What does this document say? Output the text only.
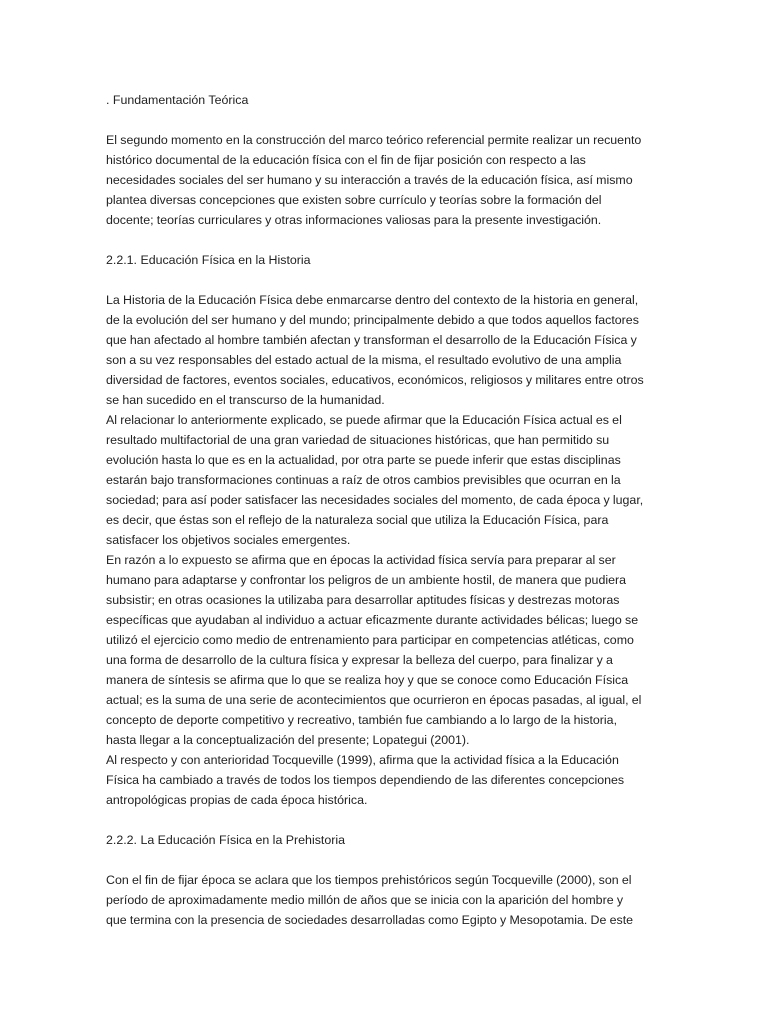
. Fundamentación Teórica

El segundo momento en la construcción del marco teórico referencial permite realizar un recuento
histórico documental de la educación física con el fin de fijar posición con respecto a las
necesidades sociales del ser humano y su interacción a través de la educación física, así mismo
plantea diversas concepciones que existen sobre currículo y teorías sobre la formación del
docente; teorías curriculares y otras informaciones valiosas para la presente investigación.

2.2.1. Educación Física en la Historia

La Historia de la Educación Física debe enmarcarse dentro del contexto de la historia en general,
de la evolución del ser humano y del mundo; principalmente debido a que todos aquellos factores
que han afectado al hombre también afectan y transforman el desarrollo de la Educación Física y
son a su vez responsables del estado actual de la misma, el resultado evolutivo de una amplia
diversidad de factores, eventos sociales, educativos, económicos, religiosos y militares entre otros
se han sucedido en el transcurso de la humanidad.
Al relacionar lo anteriormente explicado, se puede afirmar que la Educación Física actual es el
resultado multifactorial de una gran variedad de situaciones históricas, que han permitido su
evolución hasta lo que es en la actualidad, por otra parte se puede inferir que estas disciplinas
estarán bajo transformaciones continuas a raíz de otros cambios previsibles que ocurran en la
sociedad; para así poder satisfacer las necesidades sociales del momento, de cada época y lugar,
es decir, que éstas son el reflejo de la naturaleza social que utiliza la Educación Física, para
satisfacer los objetivos sociales emergentes.
En razón a lo expuesto se afirma que en épocas la actividad física servía para preparar al ser
humano para adaptarse y confrontar los peligros de un ambiente hostil, de manera que pudiera
subsistir; en otras ocasiones la utilizaba para desarrollar aptitudes físicas y destrezas motoras
específicas que ayudaban al individuo a actuar eficazmente durante actividades bélicas; luego se
utilizó el ejercicio como medio de entrenamiento para participar en competencias atléticas, como
una forma de desarrollo de la cultura física y expresar la belleza del cuerpo, para finalizar y a
manera de síntesis se afirma que lo que se realiza hoy y que se conoce como Educación Física
actual; es la suma de una serie de acontecimientos que ocurrieron en épocas pasadas, al igual, el
concepto de deporte competitivo y recreativo, también fue cambiando a lo largo de la historia,
hasta llegar a la conceptualización del presente; Lopategui (2001).
Al respecto y con anterioridad Tocqueville (1999), afirma que la actividad física a la Educación
Física ha cambiado a través de todos los tiempos dependiendo de las diferentes concepciones
antropológicas propias de cada época histórica.

2.2.2. La Educación Física en la Prehistoria

Con el fin de fijar época se aclara que los tiempos prehistóricos según Tocqueville (2000), son el
período de aproximadamente medio millón de años que se inicia con la aparición del hombre y
que termina con la presencia de sociedades desarrolladas como Egipto y Mesopotamia. De este
